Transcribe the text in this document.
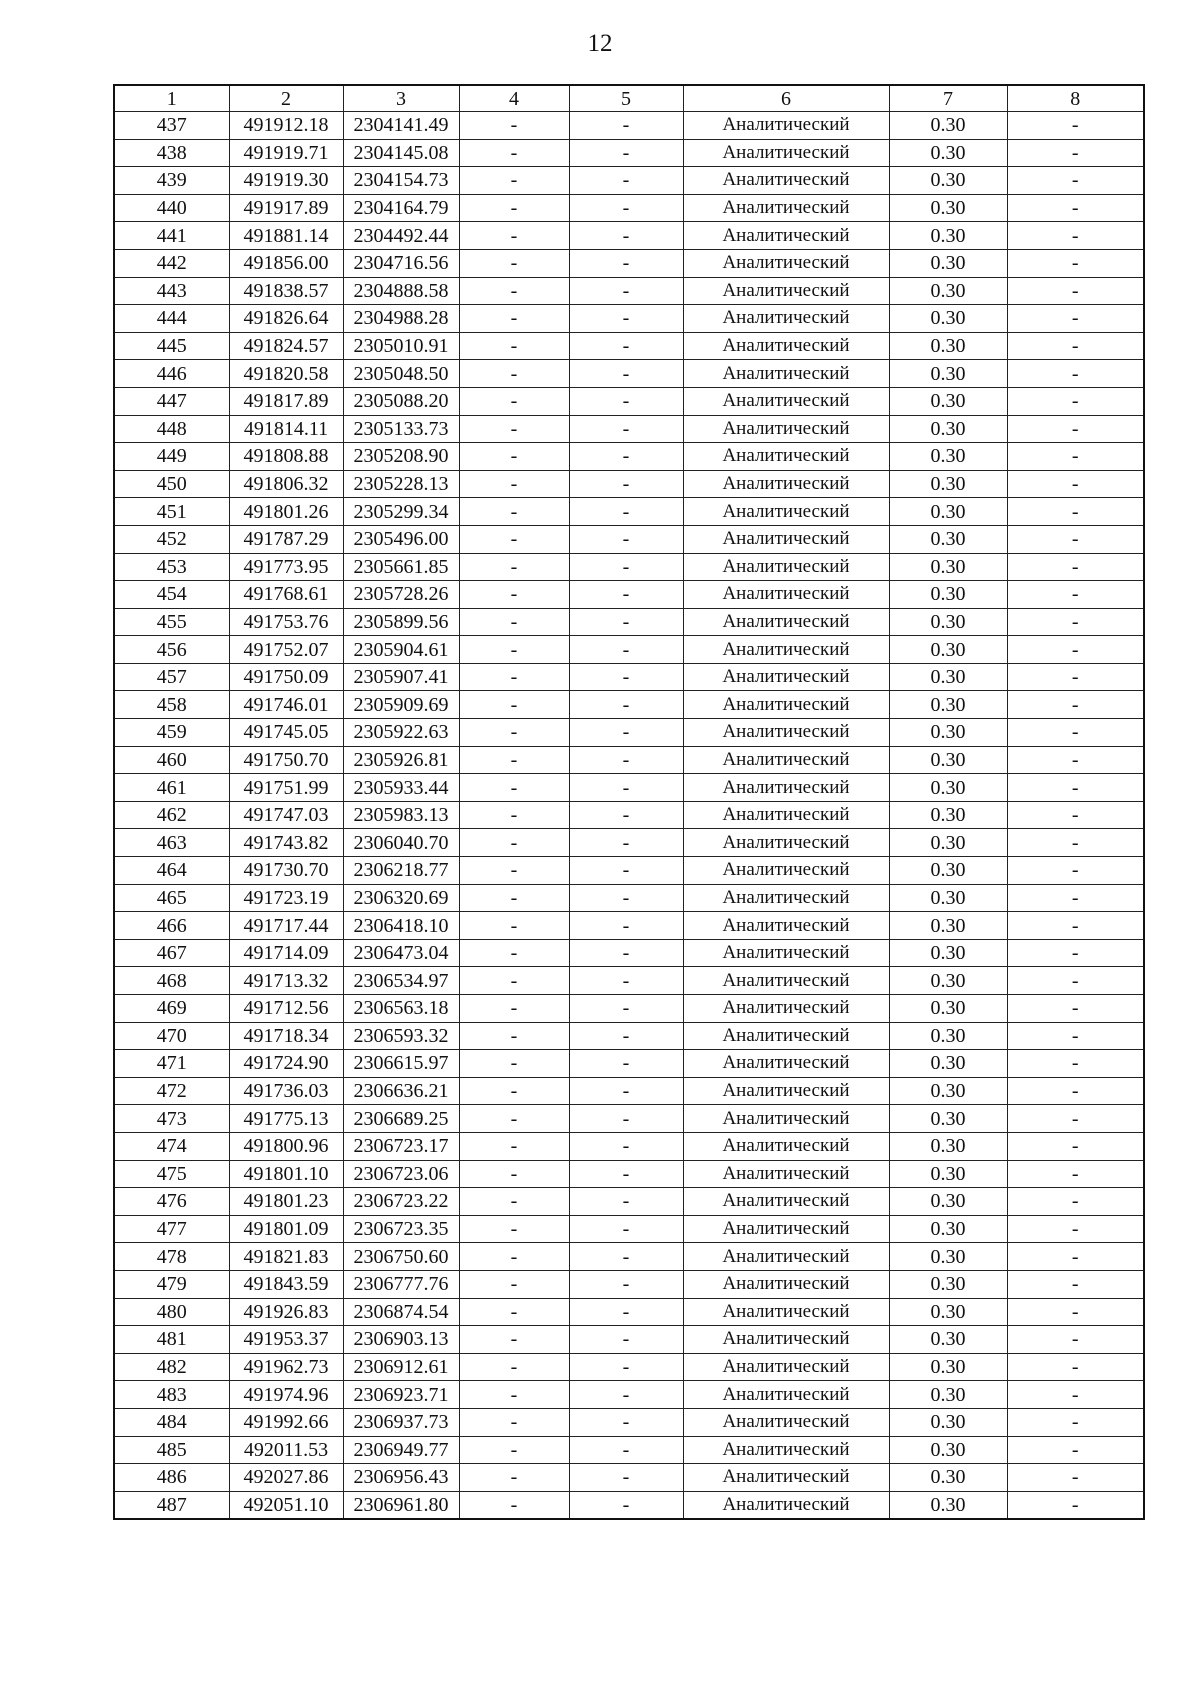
12
1	2	3	4	5	6	7	8
437	491912.18	2304141.49	-	-	Аналитический	0.30	-
438	491919.71	2304145.08	-	-	Аналитический	0.30	-
439	491919.30	2304154.73	-	-	Аналитический	0.30	-
440	491917.89	2304164.79	-	-	Аналитический	0.30	-
441	491881.14	2304492.44	-	-	Аналитический	0.30	-
442	491856.00	2304716.56	-	-	Аналитический	0.30	-
443	491838.57	2304888.58	-	-	Аналитический	0.30	-
444	491826.64	2304988.28	-	-	Аналитический	0.30	-
445	491824.57	2305010.91	-	-	Аналитический	0.30	-
446	491820.58	2305048.50	-	-	Аналитический	0.30	-
447	491817.89	2305088.20	-	-	Аналитический	0.30	-
448	491814.11	2305133.73	-	-	Аналитический	0.30	-
449	491808.88	2305208.90	-	-	Аналитический	0.30	-
450	491806.32	2305228.13	-	-	Аналитический	0.30	-
451	491801.26	2305299.34	-	-	Аналитический	0.30	-
452	491787.29	2305496.00	-	-	Аналитический	0.30	-
453	491773.95	2305661.85	-	-	Аналитический	0.30	-
454	491768.61	2305728.26	-	-	Аналитический	0.30	-
455	491753.76	2305899.56	-	-	Аналитический	0.30	-
456	491752.07	2305904.61	-	-	Аналитический	0.30	-
457	491750.09	2305907.41	-	-	Аналитический	0.30	-
458	491746.01	2305909.69	-	-	Аналитический	0.30	-
459	491745.05	2305922.63	-	-	Аналитический	0.30	-
460	491750.70	2305926.81	-	-	Аналитический	0.30	-
461	491751.99	2305933.44	-	-	Аналитический	0.30	-
462	491747.03	2305983.13	-	-	Аналитический	0.30	-
463	491743.82	2306040.70	-	-	Аналитический	0.30	-
464	491730.70	2306218.77	-	-	Аналитический	0.30	-
465	491723.19	2306320.69	-	-	Аналитический	0.30	-
466	491717.44	2306418.10	-	-	Аналитический	0.30	-
467	491714.09	2306473.04	-	-	Аналитический	0.30	-
468	491713.32	2306534.97	-	-	Аналитический	0.30	-
469	491712.56	2306563.18	-	-	Аналитический	0.30	-
470	491718.34	2306593.32	-	-	Аналитический	0.30	-
471	491724.90	2306615.97	-	-	Аналитический	0.30	-
472	491736.03	2306636.21	-	-	Аналитический	0.30	-
473	491775.13	2306689.25	-	-	Аналитический	0.30	-
474	491800.96	2306723.17	-	-	Аналитический	0.30	-
475	491801.10	2306723.06	-	-	Аналитический	0.30	-
476	491801.23	2306723.22	-	-	Аналитический	0.30	-
477	491801.09	2306723.35	-	-	Аналитический	0.30	-
478	491821.83	2306750.60	-	-	Аналитический	0.30	-
479	491843.59	2306777.76	-	-	Аналитический	0.30	-
480	491926.83	2306874.54	-	-	Аналитический	0.30	-
481	491953.37	2306903.13	-	-	Аналитический	0.30	-
482	491962.73	2306912.61	-	-	Аналитический	0.30	-
483	491974.96	2306923.71	-	-	Аналитический	0.30	-
484	491992.66	2306937.73	-	-	Аналитический	0.30	-
485	492011.53	2306949.77	-	-	Аналитический	0.30	-
486	492027.86	2306956.43	-	-	Аналитический	0.30	-
487	492051.10	2306961.80	-	-	Аналитический	0.30	-
